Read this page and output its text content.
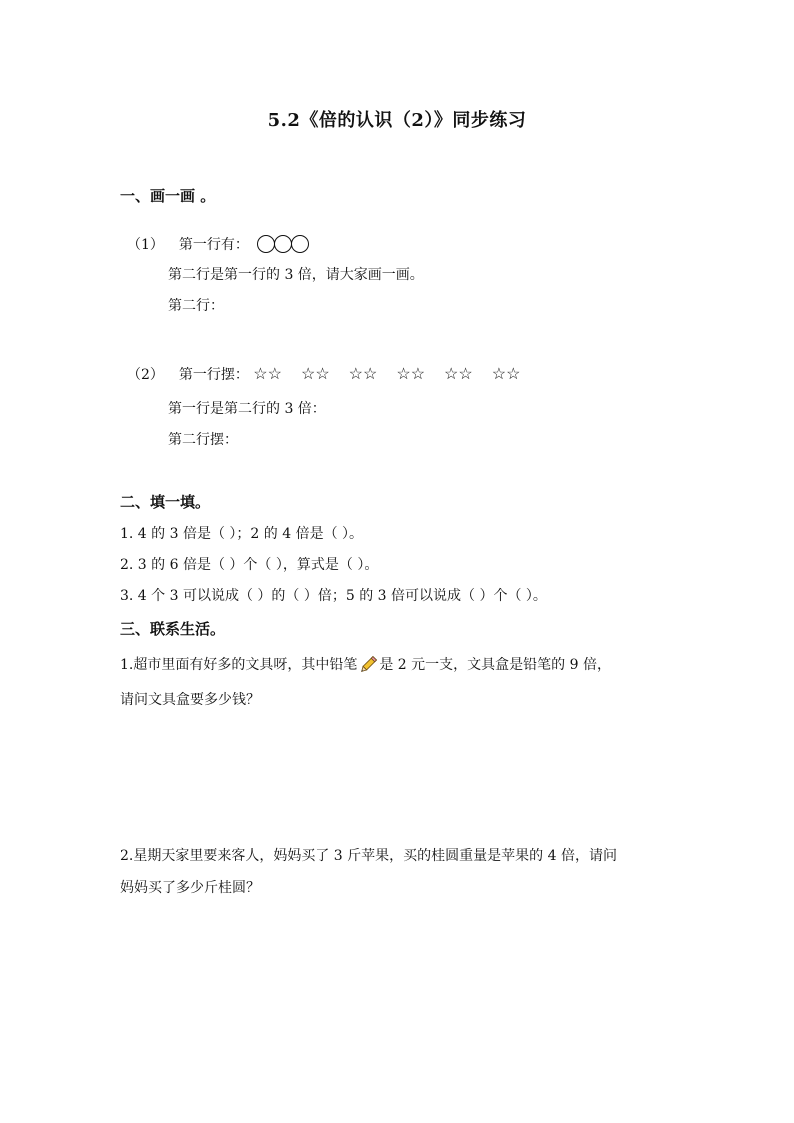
5.2《倍的认识（2）》同步练习
一、画一画 。
（1） 第一行有：
第二行是第一行的 3 倍，请大家画一画。
第二行：
（2） 第一行摆： ☆☆ ☆☆ ☆☆ ☆☆ ☆☆ ☆☆
第一行是第二行的 3 倍：
第二行摆：
二、填一填。
1. 4 的 3 倍是（ ）；2 的 4 倍是（ ）。
2. 3 的 6 倍是（ ）个（ ），算式是（ ）。
3. 4 个 3 可以说成（ ）的（ ）倍；5 的 3 倍可以说成（ ）个（ ）。
三、联系生活。
1.超市里面有好多的文具呀，其中铅笔 是 2 元一支，文具盒是铅笔的 9 倍，
请问文具盒要多少钱？
2.星期天家里要来客人，妈妈买了 3 斤苹果，买的桂圆重量是苹果的 4 倍，请问
妈妈买了多少斤桂圆？
